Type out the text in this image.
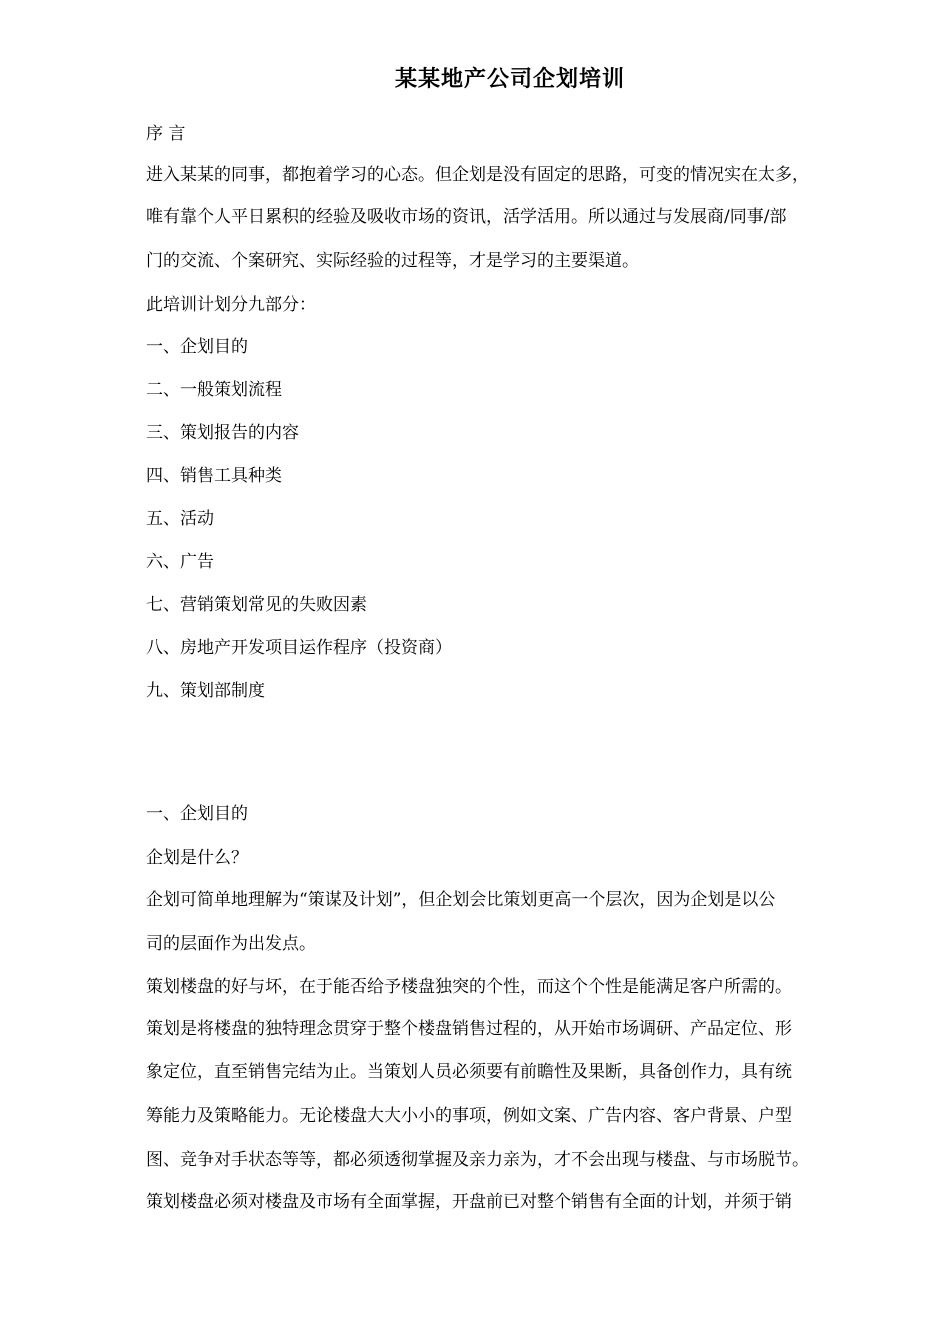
某某地产公司企划培训
序 言
进入某某的同事，都抱着学习的心态。但企划是没有固定的思路，可变的情况实在太多，
唯有靠个人平日累积的经验及吸收市场的资讯，活学活用。所以通过与发展商/同事/部
门的交流、个案研究、实际经验的过程等，才是学习的主要渠道。
此培训计划分九部分：
一、企划目的
二、一般策划流程
三、策划报告的内容
四、销售工具种类
五、活动
六、广告
七、营销策划常见的失败因素
八、房地产开发项目运作程序（投资商）
九、策划部制度
一、企划目的
企划是什么？
企划可简单地理解为“策谋及计划”，但企划会比策划更高一个层次，因为企划是以公
司的层面作为出发点。
策划楼盘的好与坏，在于能否给予楼盘独突的个性，而这个个性是能满足客户所需的。
策划是将楼盘的独特理念贯穿于整个楼盘销售过程的，从开始市场调研、产品定位、形
象定位，直至销售完结为止。当策划人员必须要有前瞻性及果断，具备创作力，具有统
筹能力及策略能力。无论楼盘大大小小的事项，例如文案、广告内容、客户背景、户型
图、竞争对手状态等等，都必须透彻掌握及亲力亲为，才不会出现与楼盘、与市场脱节。
策划楼盘必须对楼盘及市场有全面掌握，开盘前已对整个销售有全面的计划，并须于销
